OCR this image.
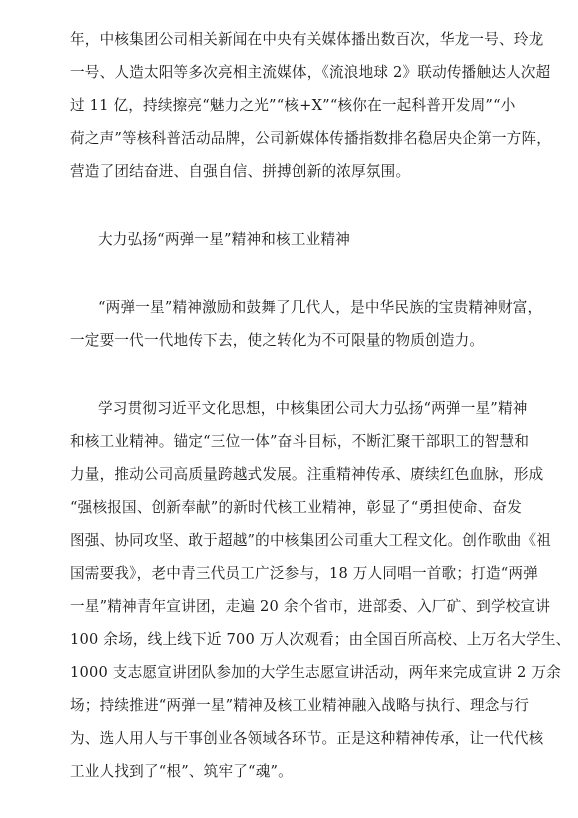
年，中核集团公司相关新闻在中央有关媒体播出数百次，华龙一号、玲龙
一号、人造太阳等多次亮相主流媒体，《流浪地球 2》联动传播触达人次超
过 11 亿，持续擦亮“魅力之光”“核+X”“核你在一起科普开发周”“小
荷之声”等核科普活动品牌，公司新媒体传播指数排名稳居央企第一方阵，
营造了团结奋进、自强自信、拼搏创新的浓厚氛围。
大力弘扬“两弹一星”精神和核工业精神
“两弹一星”精神激励和鼓舞了几代人，是中华民族的宝贵精神财富，
一定要一代一代地传下去，使之转化为不可限量的物质创造力。
学习贯彻习近平文化思想，中核集团公司大力弘扬“两弹一星”精神
和核工业精神。锚定“三位一体”奋斗目标，不断汇聚干部职工的智慧和
力量，推动公司高质量跨越式发展。注重精神传承、赓续红色血脉，形成
“强核报国、创新奉献”的新时代核工业精神，彰显了“勇担使命、奋发
图强、协同攻坚、敢于超越”的中核集团公司重大工程文化。创作歌曲《祖
国需要我》，老中青三代员工广泛参与，18 万人同唱一首歌；打造“两弹
一星”精神青年宣讲团，走遍 20 余个省市，进部委、入厂矿、到学校宣讲
100 余场，线上线下近 700 万人次观看；由全国百所高校、上万名大学生、
1000 支志愿宣讲团队参加的大学生志愿宣讲活动，两年来完成宣讲 2 万余
场；持续推进“两弹一星”精神及核工业精神融入战略与执行、理念与行
为、选人用人与干事创业各领域各环节。正是这种精神传承，让一代代核
工业人找到了“根”、筑牢了“魂”。
